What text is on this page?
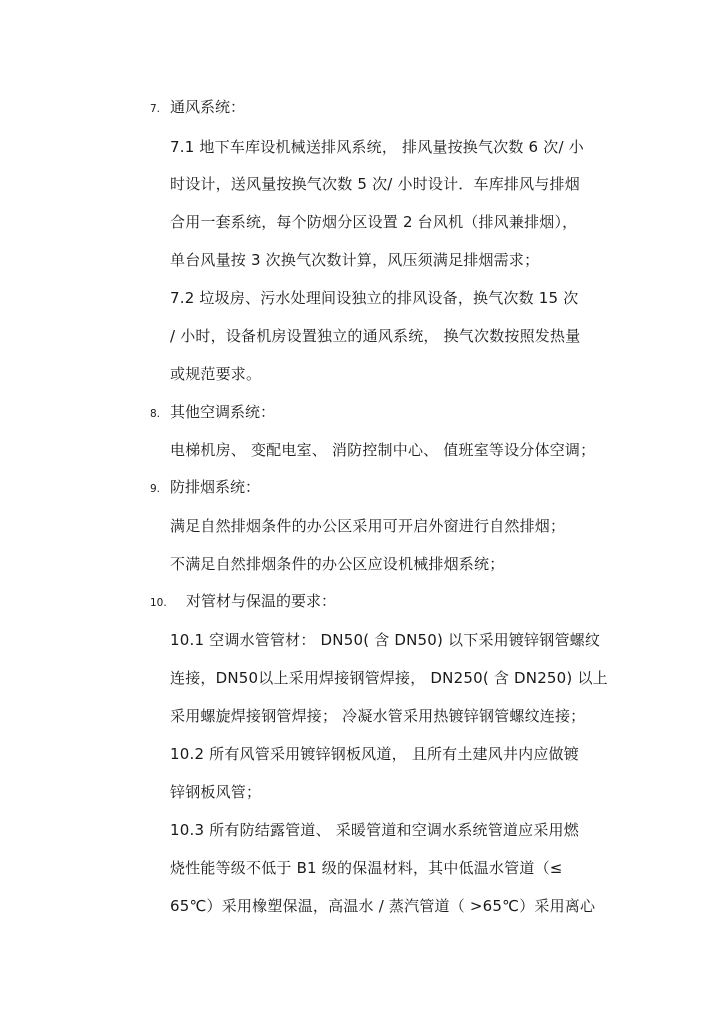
7. 通风系统：
7.1 地下车库设机械送排风系统， 排风量按换气次数 6 次/ 小
时设计，送风量按换气次数 5 次/ 小时设计．车库排风与排烟
合用一套系统，每个防烟分区设置 2 台风机（排风兼排烟），
单台风量按 3 次换气次数计算，风压须满足排烟需求；
7.2 垃圾房、污水处理间设独立的排风设备，换气次数 15 次
/ 小时，设备机房设置独立的通风系统， 换气次数按照发热量
或规范要求。
8. 其他空调系统：
电梯机房、 变配电室、 消防控制中心、 值班室等设分体空调；
9. 防排烟系统：
满足自然排烟条件的办公区采用可开启外窗进行自然排烟；
不满足自然排烟条件的办公区应设机械排烟系统；
10. 对管材与保温的要求：
10.1 空调水管管材： DN50( 含 DN50) 以下采用镀锌钢管螺纹
连接，DN50以上采用焊接钢管焊接， DN250( 含 DN250) 以上
采用螺旋焊接钢管焊接； 冷凝水管采用热镀锌钢管螺纹连接；
10.2 所有风管采用镀锌钢板风道， 且所有土建风井内应做镀
锌钢板风管；
10.3 所有防结露管道、 采暖管道和空调水系统管道应采用燃
烧性能等级不低于 B1 级的保温材料，其中低温水管道（≤
65℃）采用橡塑保温，高温水 / 蒸汽管道（ >65℃）采用离心
